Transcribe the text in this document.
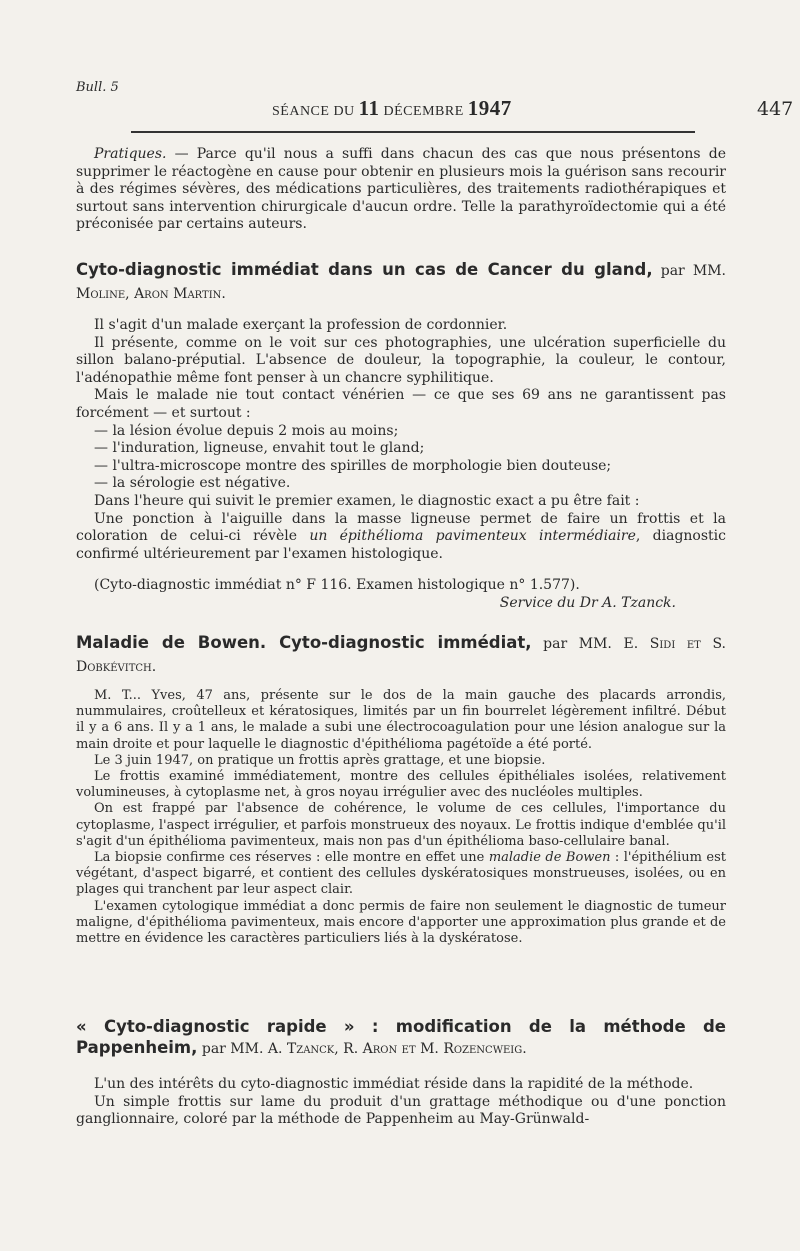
Bull. 5
SÉANCE DU 11 DÉCEMBRE 1947	447

Pratiques. — Parce qu'il nous a suffi dans chacun des cas que nous présentons de supprimer le réactogène en cause pour obtenir en plusieurs mois la guérison sans recourir à des régimes sévères, des médications particulières, des traitements radiothérapiques et surtout sans intervention chirurgicale d'aucun ordre. Telle la parathyroïdectomie qui a été préconisée par certains auteurs.

Cyto-diagnostic immédiat dans un cas de Cancer du gland, par MM. Moline, Aron Martin.

Il s'agit d'un malade exerçant la profession de cordonnier.

Il présente, comme on le voit sur ces photographies, une ulcération superficielle du sillon balano-préputial. L'absence de douleur, la topographie, la couleur, le contour, l'adénopathie même font penser à un chancre syphilitique.

Mais le malade nie tout contact vénérien — ce que ses 69 ans ne garantissent pas forcément — et surtout :

— la lésion évolue depuis 2 mois au moins;

— l'induration, ligneuse, envahit tout le gland;

— l'ultra-microscope montre des spirilles de morphologie bien douteuse;

— la sérologie est négative.

Dans l'heure qui suivit le premier examen, le diagnostic exact a pu être fait :

Une ponction à l'aiguille dans la masse ligneuse permet de faire un frottis et la coloration de celui-ci révèle un épithélioma pavimenteux intermédiaire, diagnostic confirmé ultérieurement par l'examen histologique.

(Cyto-diagnostic immédiat n° F 116. Examen histologique n° 1.577).

Service du Dr A. Tzanck.

Maladie de Bowen. Cyto-diagnostic immédiat, par MM. E. Sidi et S. Dobkévitch.

M. T... Yves, 47 ans, présente sur le dos de la main gauche des placards arrondis, nummulaires, croûtelleux et kératosiques, limités par un fin bourrelet légèrement infiltré. Début il y a 6 ans. Il y a 1 ans, le malade a subi une électrocoagulation pour une lésion analogue sur la main droite et pour laquelle le diagnostic d'épithélioma pagétoïde a été porté.

Le 3 juin 1947, on pratique un frottis après grattage, et une biopsie.

Le frottis examiné immédiatement, montre des cellules épithéliales isolées, relativement volumineuses, à cytoplasme net, à gros noyau irrégulier avec des nucléoles multiples.

On est frappé par l'absence de cohérence, le volume de ces cellules, l'importance du cytoplasme, l'aspect irrégulier, et parfois monstrueux des noyaux. Le frottis indique d'emblée qu'il s'agit d'un épithélioma pavimenteux, mais non pas d'un épithélioma baso-cellulaire banal.

La biopsie confirme ces réserves : elle montre en effet une maladie de Bowen : l'épithélium est végétant, d'aspect bigarré, et contient des cellules dyskératosiques monstrueuses, isolées, ou en plages qui tranchent par leur aspect clair.

L'examen cytologique immédiat a donc permis de faire non seulement le diagnostic de tumeur maligne, d'épithélioma pavimenteux, mais encore d'apporter une approximation plus grande et de mettre en évidence les caractères particuliers liés à la dyskératose.

« Cyto-diagnostic rapide » : modification de la méthode de Pappenheim, par MM. A. Tzanck, R. Aron et M. Rozencweig.

L'un des intérêts du cyto-diagnostic immédiat réside dans la rapidité de la méthode.

Un simple frottis sur lame du produit d'un grattage méthodique ou d'une ponction ganglionnaire, coloré par la méthode de Pappenheim au May-Grünwald-
